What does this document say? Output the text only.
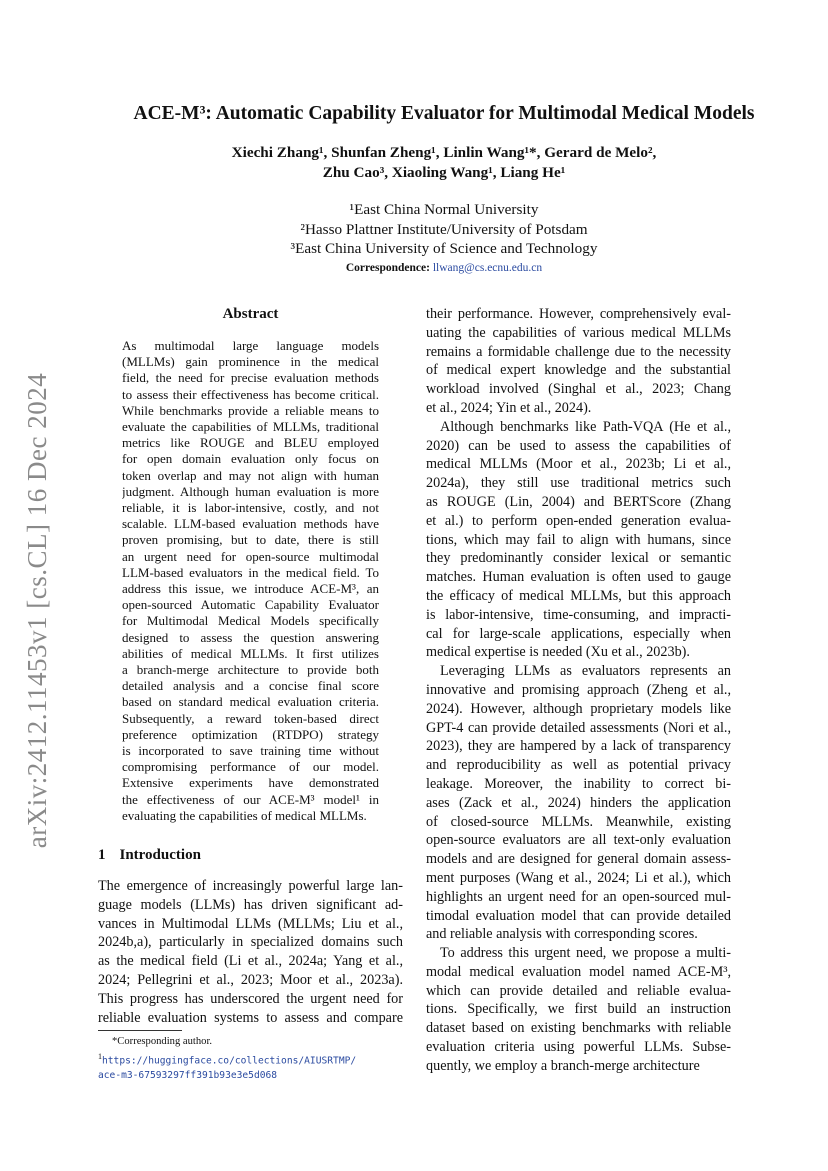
arXiv:2412.11453v1 [cs.CL] 16 Dec 2024
ACE-M³: Automatic Capability Evaluator for Multimodal Medical Models
Xiechi Zhang¹, Shunfan Zheng¹, Linlin Wang¹*, Gerard de Melo²,
Zhu Cao³, Xiaoling Wang¹, Liang He¹
¹East China Normal University
²Hasso Plattner Institute/University of Potsdam
³East China University of Science and Technology
Correspondence: llwang@cs.ecnu.edu.cn
Abstract
As multimodal large language models
(MLLMs) gain prominence in the medical
field, the need for precise evaluation methods
to assess their effectiveness has become critical.
While benchmarks provide a reliable means to
evaluate the capabilities of MLLMs, traditional
metrics like ROUGE and BLEU employed
for open domain evaluation only focus on
token overlap and may not align with human
judgment. Although human evaluation is more
reliable, it is labor-intensive, costly, and not
scalable. LLM-based evaluation methods have
proven promising, but to date, there is still
an urgent need for open-source multimodal
LLM-based evaluators in the medical field. To
address this issue, we introduce ACE-M³, an
open-sourced Automatic Capability Evaluator
for Multimodal Medical Models specifically
designed to assess the question answering
abilities of medical MLLMs. It first utilizes
a branch-merge architecture to provide both
detailed analysis and a concise final score
based on standard medical evaluation criteria.
Subsequently, a reward token-based direct
preference optimization (RTDPO) strategy
is incorporated to save training time without
compromising performance of our model.
Extensive experiments have demonstrated
the effectiveness of our ACE-M³ model¹ in
evaluating the capabilities of medical MLLMs.
1 Introduction
The emergence of increasingly powerful large lan-
guage models (LLMs) has driven significant ad-
vances in Multimodal LLMs (MLLMs; Liu et al.,
2024b,a), particularly in specialized domains such
as the medical field (Li et al., 2024a; Yang et al.,
2024; Pellegrini et al., 2023; Moor et al., 2023a).
This progress has underscored the urgent need for
reliable evaluation systems to assess and compare
*Corresponding author.
$^1$https://huggingface.co/collections/AIUSRTMP/
ace-m3-67593297ff391b93e3e5d068
their performance. However, comprehensively eval-
uating the capabilities of various medical MLLMs
remains a formidable challenge due to the necessity
of medical expert knowledge and the substantial
workload involved (Singhal et al., 2023; Chang
et al., 2024; Yin et al., 2024).
Although benchmarks like Path-VQA (He et al.,
2020) can be used to assess the capabilities of
medical MLLMs (Moor et al., 2023b; Li et al.,
2024a), they still use traditional metrics such
as ROUGE (Lin, 2004) and BERTScore (Zhang
et al.) to perform open-ended generation evalua-
tions, which may fail to align with humans, since
they predominantly consider lexical or semantic
matches. Human evaluation is often used to gauge
the efficacy of medical MLLMs, but this approach
is labor-intensive, time-consuming, and impracti-
cal for large-scale applications, especially when
medical expertise is needed (Xu et al., 2023b).
Leveraging LLMs as evaluators represents an
innovative and promising approach (Zheng et al.,
2024). However, although proprietary models like
GPT-4 can provide detailed assessments (Nori et al.,
2023), they are hampered by a lack of transparency
and reproducibility as well as potential privacy
leakage. Moreover, the inability to correct bi-
ases (Zack et al., 2024) hinders the application
of closed-source MLLMs. Meanwhile, existing
open-source evaluators are all text-only evaluation
models and are designed for general domain assess-
ment purposes (Wang et al., 2024; Li et al.), which
highlights an urgent need for an open-sourced mul-
timodal evaluation model that can provide detailed
and reliable analysis with corresponding scores.
To address this urgent need, we propose a multi-
modal medical evaluation model named ACE-M³,
which can provide detailed and reliable evalua-
tions. Specifically, we first build an instruction
dataset based on existing benchmarks with reliable
evaluation criteria using powerful LLMs. Subse-
quently, we employ a branch-merge architecture
